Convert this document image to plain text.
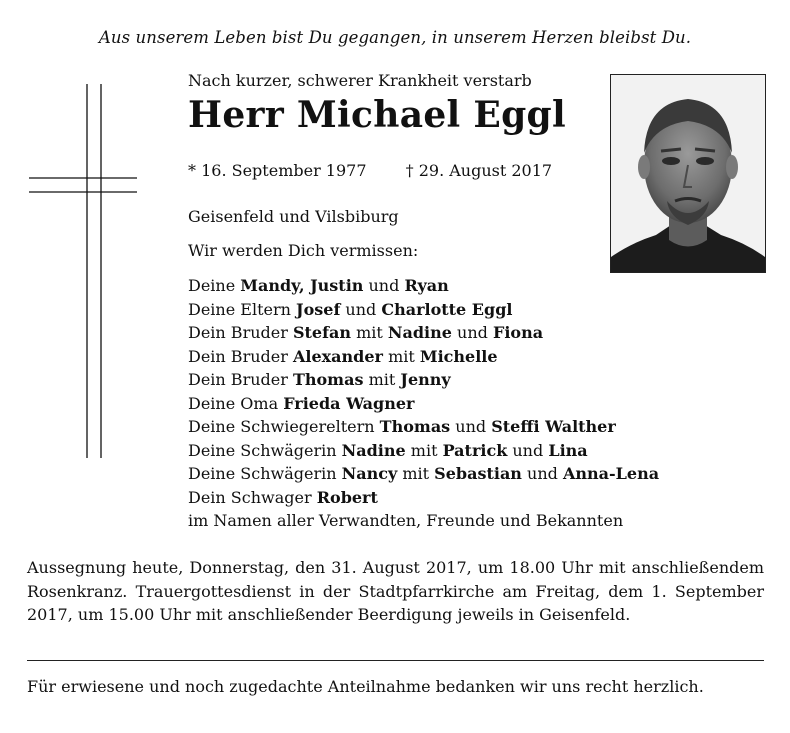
Aus unserem Leben bist Du gegangen, in unserem Herzen bleibst Du.
Nach kurzer, schwerer Krankheit verstarb
Herr Michael Eggl
* 16. September 1977 † 29. August 2017
Geisenfeld und Vilsbiburg
Wir werden Dich vermissen:
Deine Mandy, Justin und Ryan
Deine Eltern Josef und Charlotte Eggl
Dein Bruder Stefan mit Nadine und Fiona
Dein Bruder Alexander mit Michelle
Dein Bruder Thomas mit Jenny
Deine Oma Frieda Wagner
Deine Schwiegereltern Thomas und Steffi Walther
Deine Schwägerin Nadine mit Patrick und Lina
Deine Schwägerin Nancy mit Sebastian und Anna-Lena
Dein Schwager Robert
im Namen aller Verwandten, Freunde und Bekannten
Aussegnung heute, Donnerstag, den 31. August 2017, um 18.00 Uhr mit anschließendem Rosenkranz. Trauergottesdienst in der Stadtpfarrkirche am Freitag, dem 1. September 2017, um 15.00 Uhr mit anschließender Beerdigung jeweils in Geisenfeld.
Für erwiesene und noch zugedachte Anteilnahme bedanken wir uns recht herzlich.
